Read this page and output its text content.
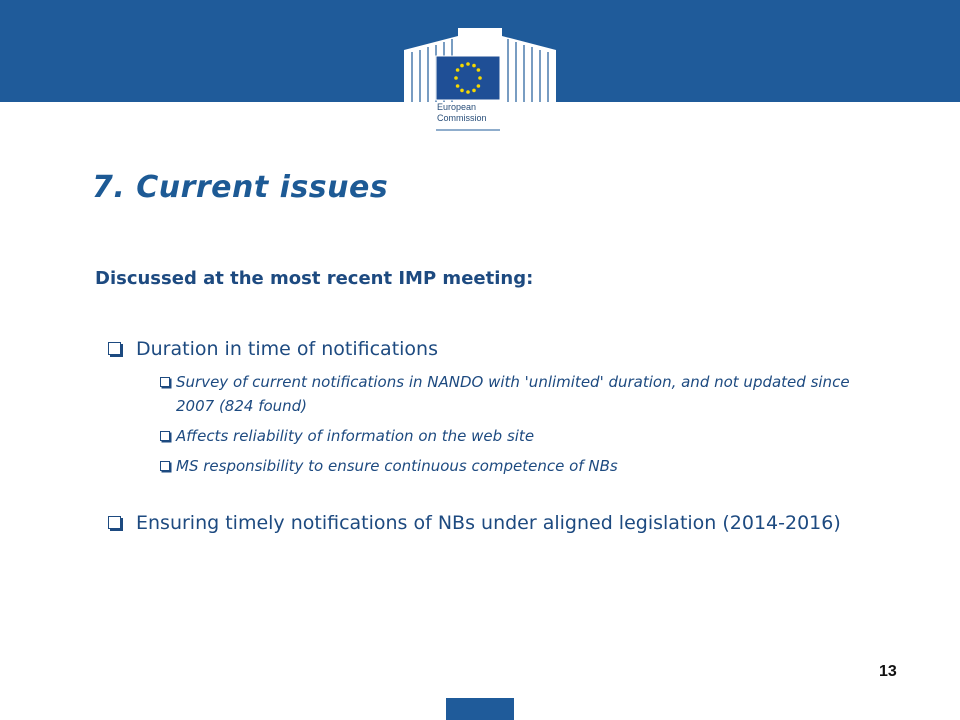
European
Commission
7. Current issues
Discussed at the most recent IMP meeting:
Duration in time of notifications
Survey of current notifications in NANDO with 'unlimited' duration, and not updated since 2007 (824 found)
Affects reliability of information on the web site
MS responsibility to ensure continuous competence of NBs
Ensuring timely notifications of NBs under aligned legislation (2014-2016)
13
